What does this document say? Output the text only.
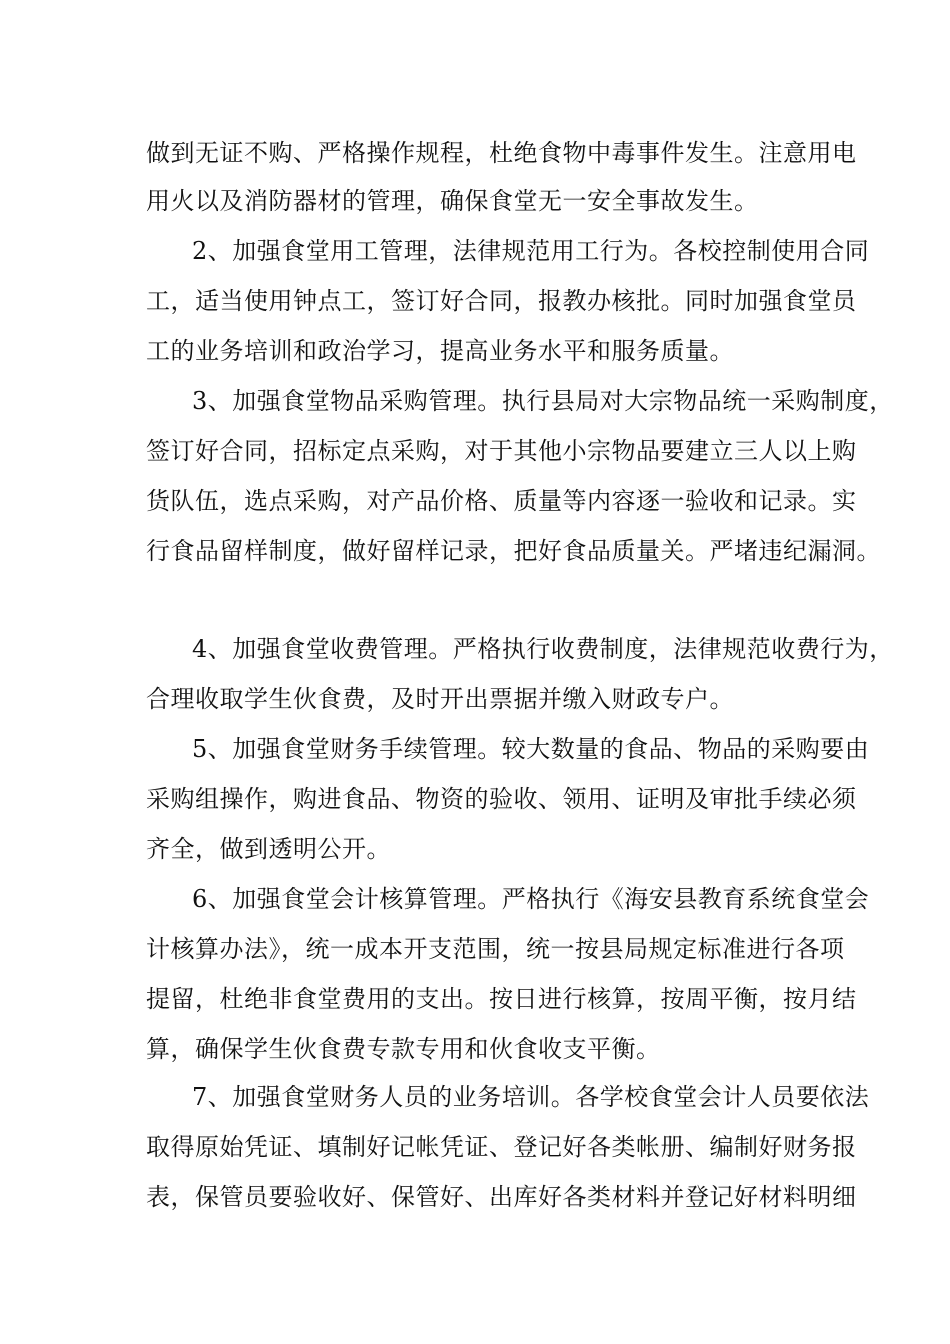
做到无证不购、严格操作规程，杜绝食物中毒事件发生。注意用电
用火以及消防器材的管理，确保食堂无一安全事故发生。
2、加强食堂用工管理，法律规范用工行为。各校控制使用合同
工，适当使用钟点工，签订好合同，报教办核批。同时加强食堂员
工的业务培训和政治学习，提高业务水平和服务质量。
3、加强食堂物品采购管理。执行县局对大宗物品统一采购制度，
签订好合同，招标定点采购，对于其他小宗物品要建立三人以上购
货队伍，选点采购，对产品价格、质量等内容逐一验收和记录。实
行食品留样制度，做好留样记录，把好食品质量关。严堵违纪漏洞。
4、加强食堂收费管理。严格执行收费制度，法律规范收费行为，
合理收取学生伙食费，及时开出票据并缴入财政专户。
5、加强食堂财务手续管理。较大数量的食品、物品的采购要由
采购组操作，购进食品、物资的验收、领用、证明及审批手续必须
齐全，做到透明公开。
6、加强食堂会计核算管理。严格执行《海安县教育系统食堂会
计核算办法》，统一成本开支范围，统一按县局规定标准进行各项
提留，杜绝非食堂费用的支出。按日进行核算，按周平衡，按月结
算，确保学生伙食费专款专用和伙食收支平衡。
7、加强食堂财务人员的业务培训。各学校食堂会计人员要依法
取得原始凭证、填制好记帐凭证、登记好各类帐册、编制好财务报
表，保管员要验收好、保管好、出库好各类材料并登记好材料明细
